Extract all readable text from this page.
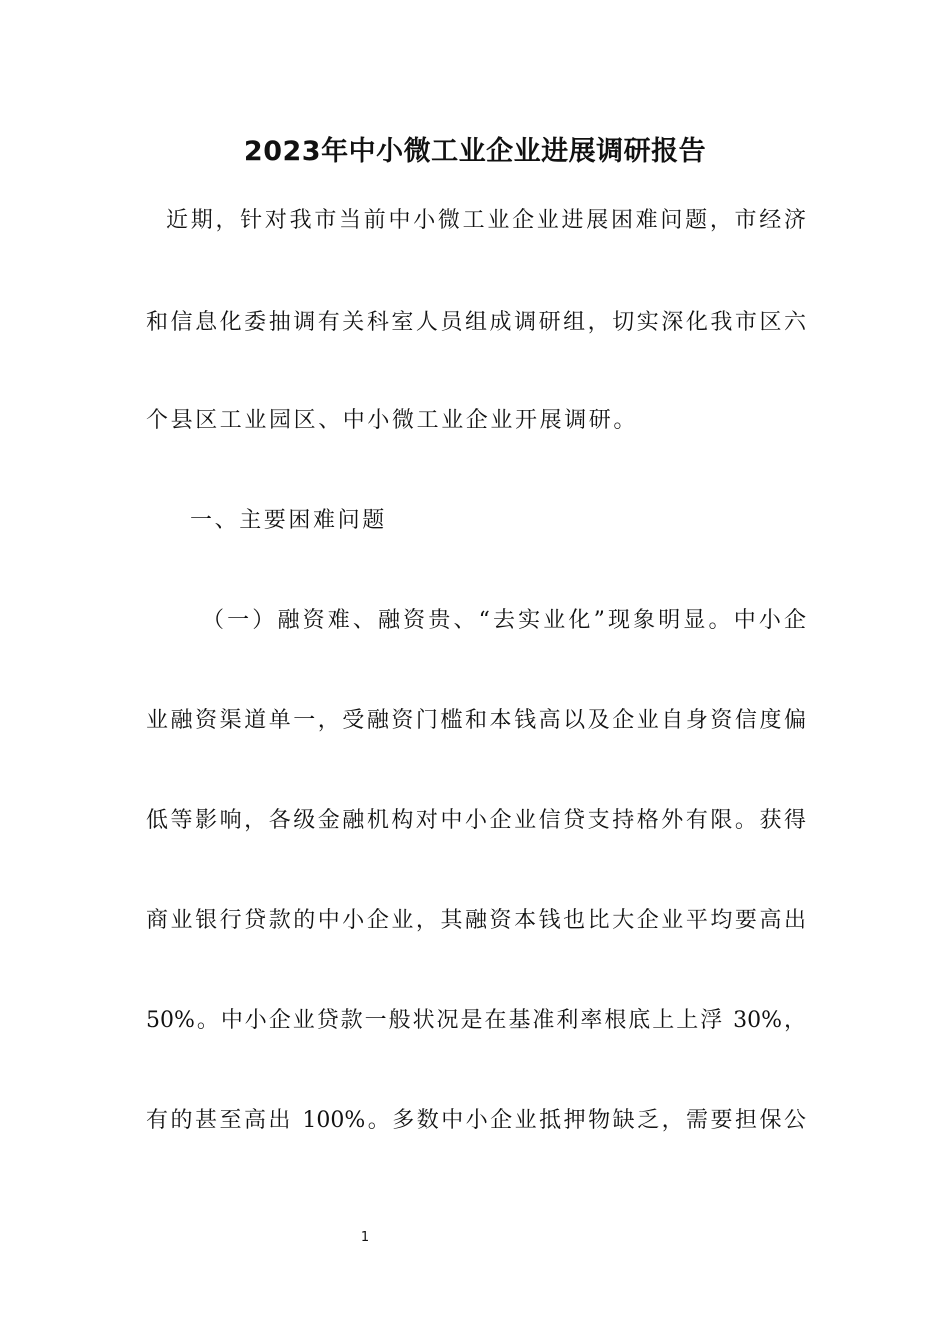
2023年中小微工业企业进展调研报告
近期，针对我市当前中小微工业企业进展困难问题，市经济
和信息化委抽调有关科室人员组成调研组，切实深化我市区六
个县区工业园区、中小微工业企业开展调研。
一、主要困难问题
（一）融资难、融资贵、“去实业化”现象明显。中小企
业融资渠道单一，受融资门槛和本钱高以及企业自身资信度偏
低等影响，各级金融机构对中小企业信贷支持格外有限。获得
商业银行贷款的中小企业，其融资本钱也比大企业平均要高出
50%。中小企业贷款一般状况是在基准利率根底上上浮 30%，
有的甚至高出 100%。多数中小企业抵押物缺乏，需要担保公
1
